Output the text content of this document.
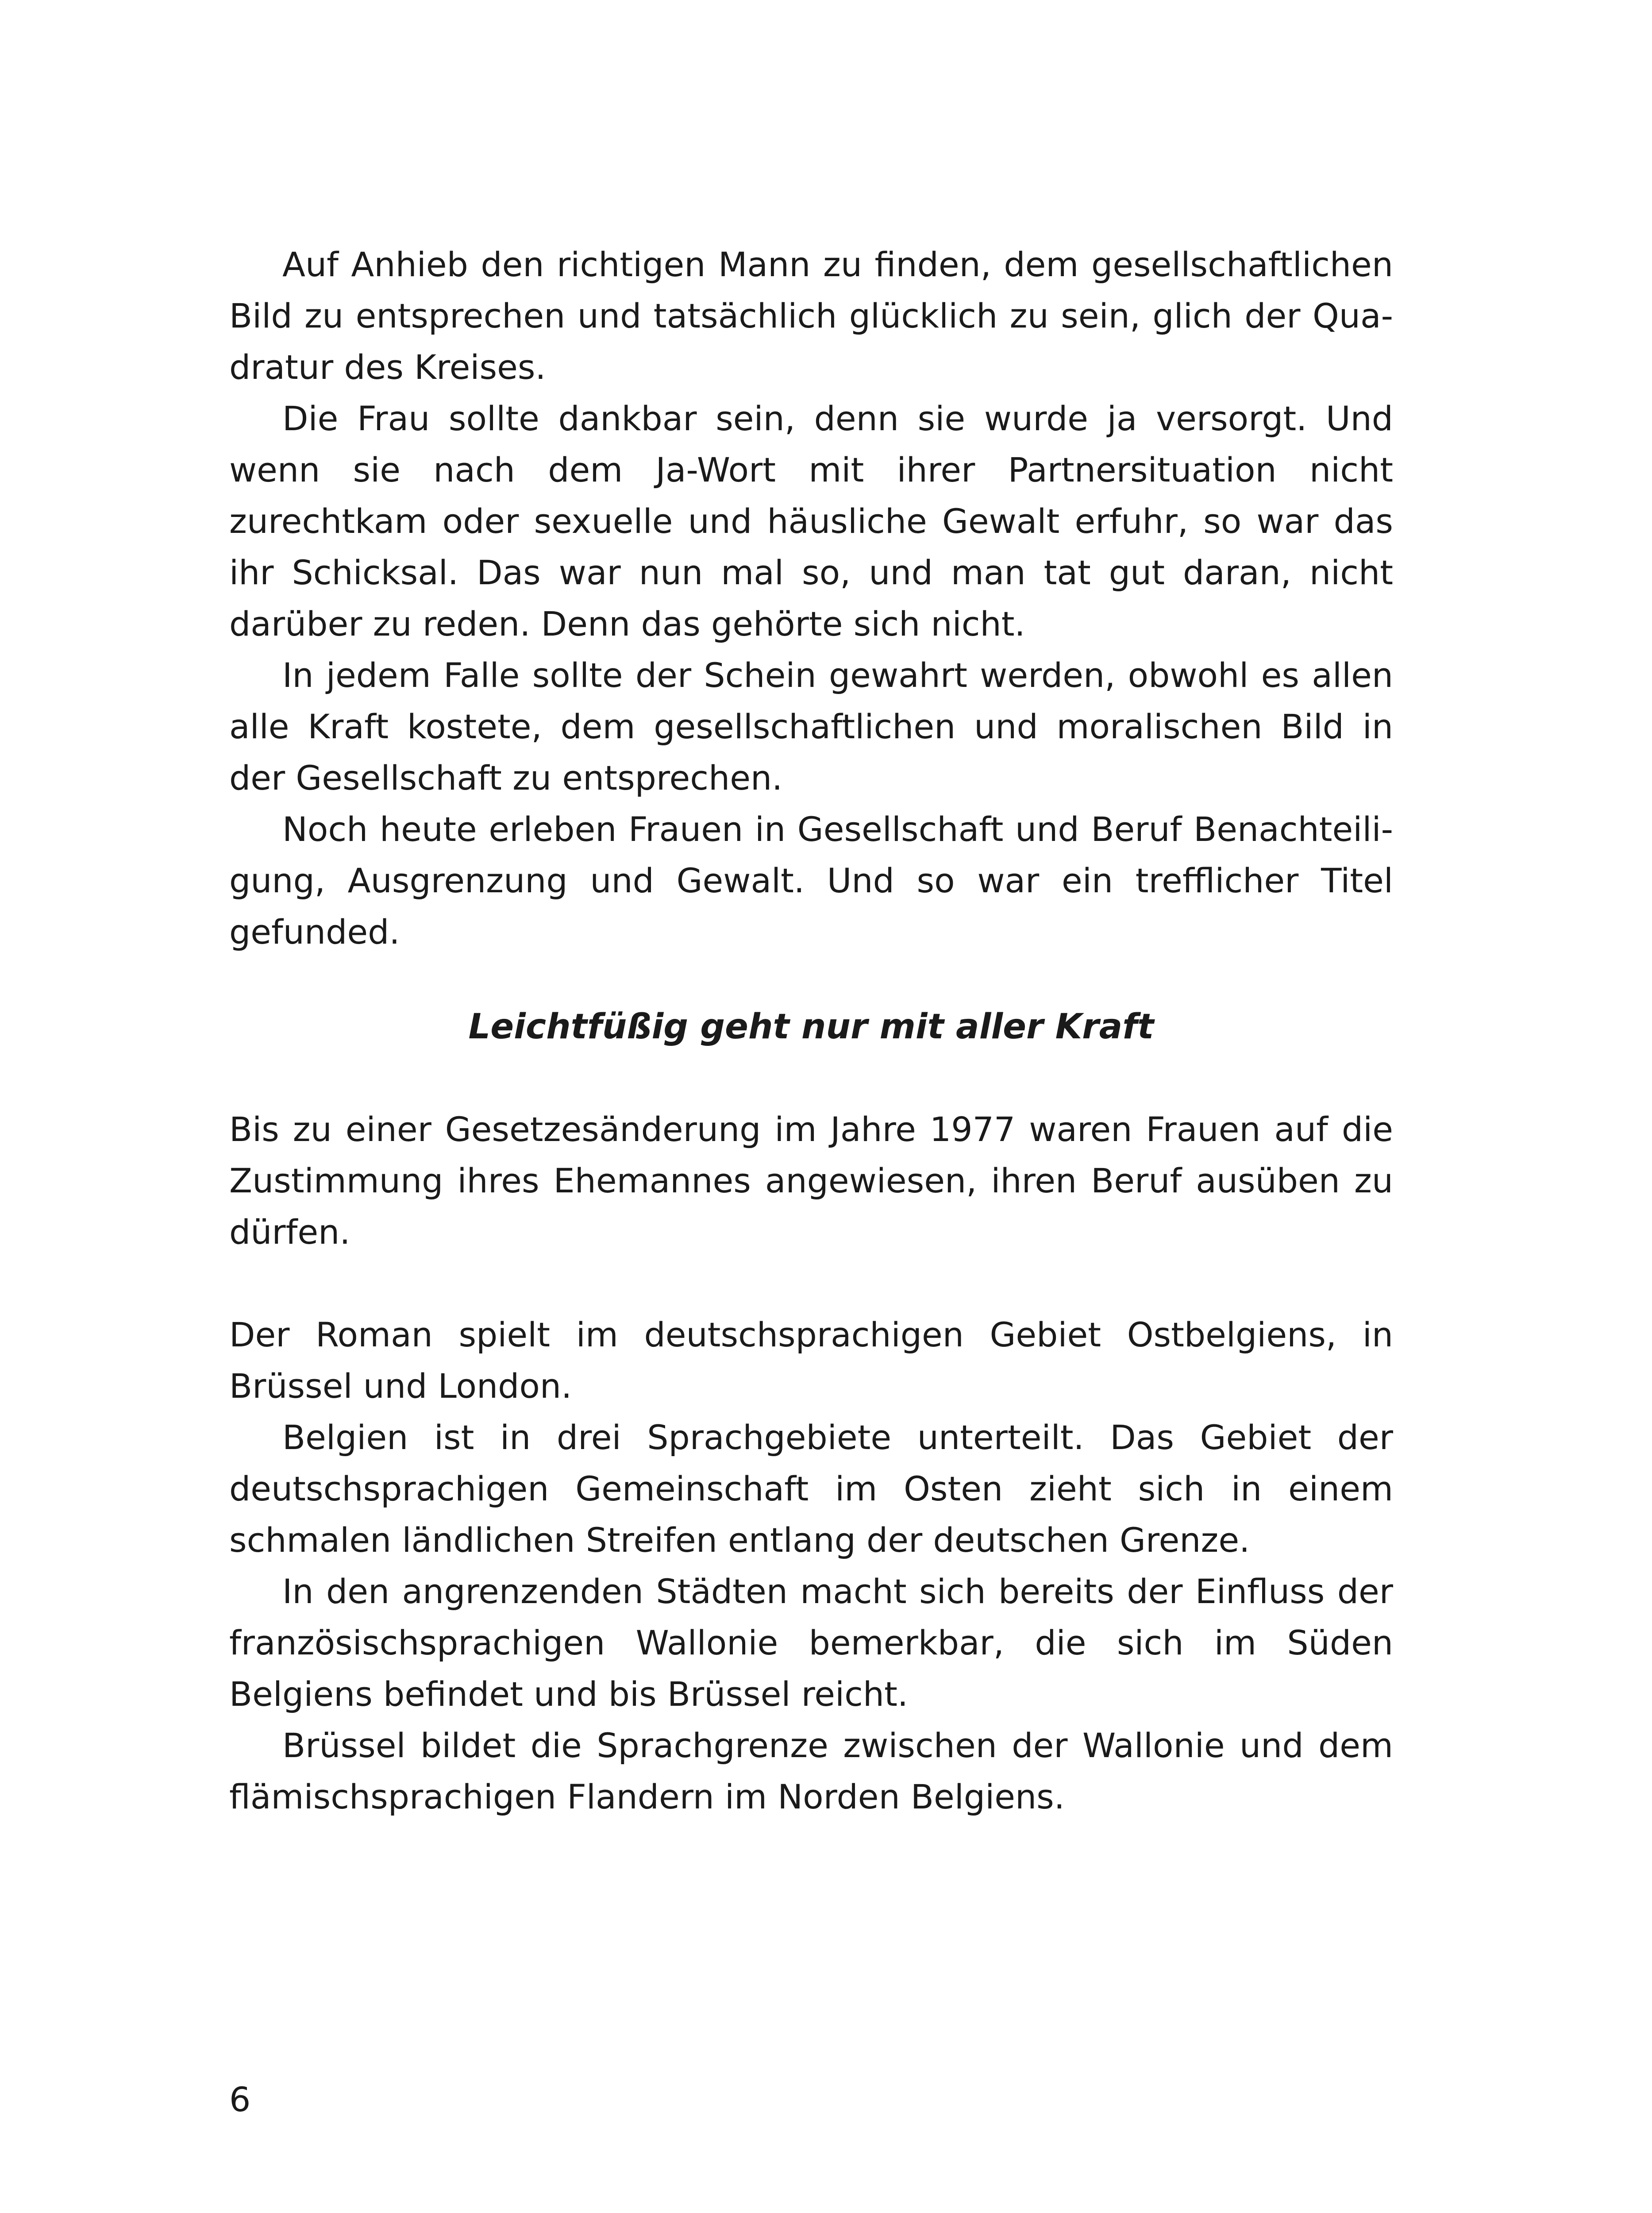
Auf Anhieb den richtigen Mann zu finden, dem gesellschaftlichen Bild zu entsprechen und tatsächlich glücklich zu sein, glich der Quadratur des Kreises.

Die Frau sollte dankbar sein, denn sie wurde ja versorgt. Und wenn sie nach dem Ja-Wort mit ihrer Partnersituation nicht zurechtkam oder sexuelle und häusliche Gewalt erfuhr, so war das ihr Schicksal. Das war nun mal so, und man tat gut daran, nicht darüber zu reden. Denn das gehörte sich nicht.

In jedem Falle sollte der Schein gewahrt werden, obwohl es allen alle Kraft kostete, dem gesellschaftlichen und moralischen Bild in der Gesellschaft zu entsprechen.

Noch heute erleben Frauen in Gesellschaft und Beruf Benachteiligung, Ausgrenzung und Gewalt. Und so war ein trefflicher Titel gefunded.

Leichtfüßig geht nur mit aller Kraft

Bis zu einer Gesetzesänderung im Jahre 1977 waren Frauen auf die Zustimmung ihres Ehemannes angewiesen, ihren Beruf ausüben zu dürfen.

Der Roman spielt im deutschsprachigen Gebiet Ostbelgiens, in Brüssel und London.

Belgien ist in drei Sprachgebiete unterteilt. Das Gebiet der deutschsprachigen Gemeinschaft im Osten zieht sich in einem schmalen ländlichen Streifen entlang der deutschen Grenze.

In den angrenzenden Städten macht sich bereits der Einfluss der französischsprachigen Wallonie bemerkbar, die sich im Süden Belgiens befindet und bis Brüssel reicht.

Brüssel bildet die Sprachgrenze zwischen der Wallonie und dem flämischsprachigen Flandern im Norden Belgiens.

6
